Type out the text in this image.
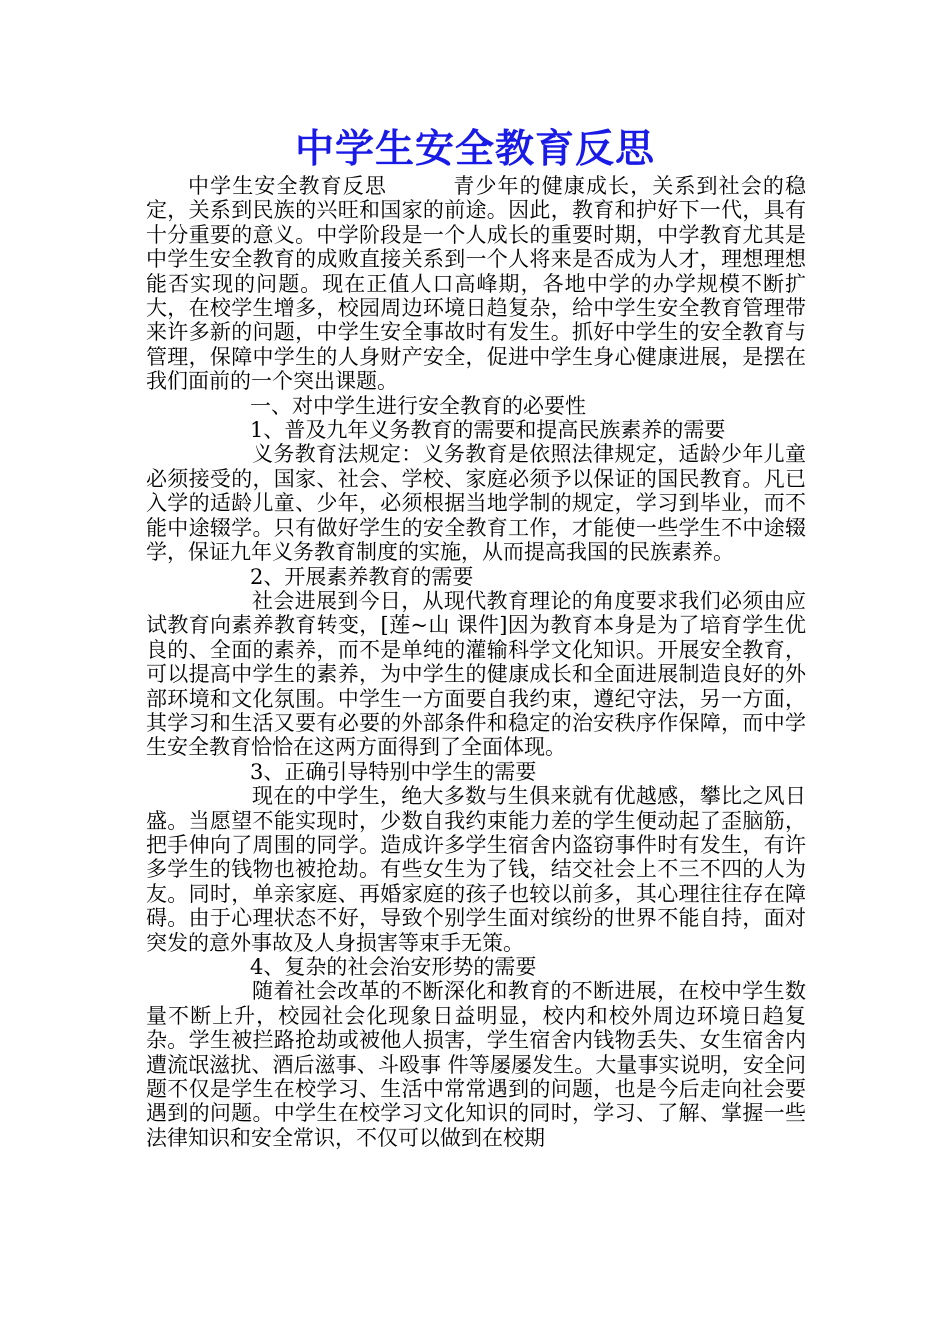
中学生安全教育反思

中学生安全教育反思　　　青少年的健康成长，关系到社会的稳定，关系到民族的兴旺和国家的前途。因此，教育和护好下一代，具有十分重要的意义。中学阶段是一个人成长的重要时期，中学教育尤其是中学生安全教育的成败直接关系到一个人将来是否成为人才，理想理想能否实现的问题。现在正值人口高峰期，各地中学的办学规模不断扩大，在校学生增多，校园周边环境日趋复杂，给中学生安全教育管理带来许多新的问题，中学生安全事故时有发生。抓好中学生的安全教育与管理，保障中学生的人身财产安全，促进中学生身心健康进展，是摆在我们面前的一个突出课题。

一、对中学生进行安全教育的必要性

1、普及九年义务教育的需要和提高民族素养的需要

义务教育法规定：义务教育是依照法律规定，适龄少年儿童必须接受的，国家、社会、学校、家庭必须予以保证的国民教育。凡已入学的适龄儿童、少年，必须根据当地学制的规定，学习到毕业，而不能中途辍学。只有做好学生的安全教育工作，才能使一些学生不中途辍学，保证九年义务教育制度的实施，从而提高我国的民族素养。

2、开展素养教育的需要

社会进展到今日，从现代教育理论的角度要求我们必须由应试教育向素养教育转变，[莲~山 课件]因为教育本身是为了培育学生优良的、全面的素养，而不是单纯的灌输科学文化知识。开展安全教育，可以提高中学生的素养，为中学生的健康成长和全面进展制造良好的外部环境和文化氛围。中学生一方面要自我约束，遵纪守法，另一方面，其学习和生活又要有必要的外部条件和稳定的治安秩序作保障，而中学生安全教育恰恰在这两方面得到了全面体现。

3、正确引导特别中学生的需要

现在的中学生，绝大多数与生俱来就有优越感，攀比之风日盛。当愿望不能实现时，少数自我约束能力差的学生便动起了歪脑筋，把手伸向了周围的同学。造成许多学生宿舍内盗窃事件时有发生，有许多学生的钱物也被抢劫。有些女生为了钱，结交社会上不三不四的人为友。同时，单亲家庭、再婚家庭的孩子也较以前多，其心理往往存在障碍。由于心理状态不好，导致个别学生面对缤纷的世界不能自持，面对突发的意外事故及人身损害等束手无策。

4、复杂的社会治安形势的需要

随着社会改革的不断深化和教育的不断进展，在校中学生数量不断上升，校园社会化现象日益明显，校内和校外周边环境日趋复杂。学生被拦路抢劫或被他人损害，学生宿舍内钱物丢失、女生宿舍内遭流氓滋扰、酒后滋事、斗殴事 件等屡屡发生。大量事实说明，安全问题不仅是学生在校学习、生活中常常遇到的问题，也是今后走向社会要遇到的问题。中学生在校学习文化知识的同时，学习、了解、掌握一些法律知识和安全常识，不仅可以做到在校期
